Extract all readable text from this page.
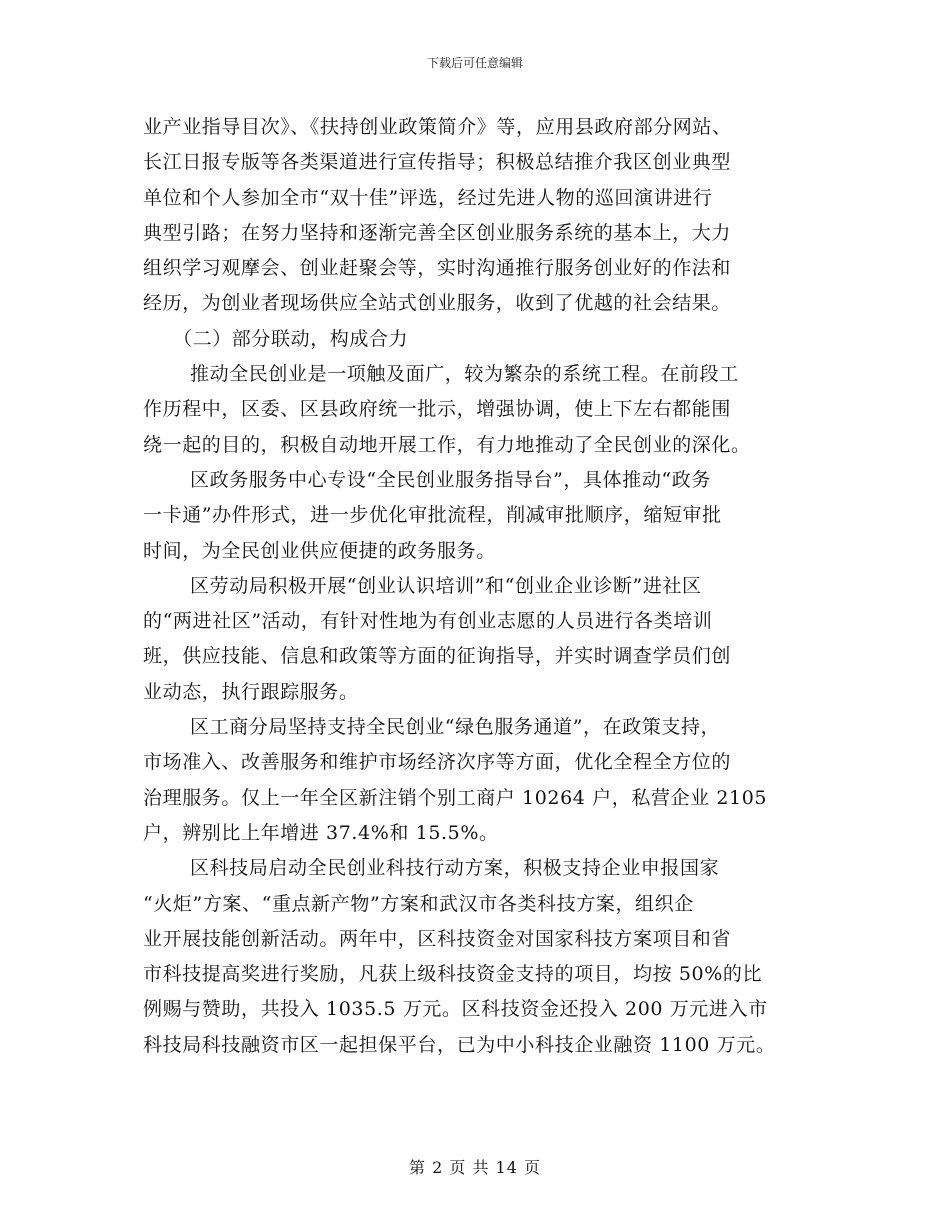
下载后可任意编辑
业产业指导目次》、《扶持创业政策简介》等，应用县政府部分网站、
长江日报专版等各类渠道进行宣传指导；积极总结推介我区创业典型
单位和个人参加全市“双十佳”评选，经过先进人物的巡回演讲进行
典型引路；在努力坚持和逐渐完善全区创业服务系统的基本上，大力
组织学习观摩会、创业赶聚会等，实时沟通推行服务创业好的作法和
经历，为创业者现场供应全站式创业服务，收到了优越的社会结果。
（二）部分联动，构成合力
推动全民创业是一项触及面广，较为繁杂的系统工程。在前段工
作历程中，区委、区县政府统一批示，增强协调，使上下左右都能围
绕一起的目的，积极自动地开展工作，有力地推动了全民创业的深化。
区政务服务中心专设“全民创业服务指导台”，具体推动“政务
一卡通”办件形式，进一步优化审批流程，削减审批顺序，缩短审批
时间，为全民创业供应便捷的政务服务。
区劳动局积极开展“创业认识培训”和“创业企业诊断”进社区
的“两进社区”活动，有针对性地为有创业志愿的人员进行各类培训
班，供应技能、信息和政策等方面的征询指导，并实时调查学员们创
业动态，执行跟踪服务。
区工商分局坚持支持全民创业“绿色服务通道”，在政策支持，
市场准入、改善服务和维护市场经济次序等方面，优化全程全方位的
治理服务。仅上一年全区新注销个别工商户 10264 户，私营企业 2105
户，辨别比上年增进 37.4%和 15.5%。
区科技局启动全民创业科技行动方案，积极支持企业申报国家
“火炬”方案、“重点新产物”方案和武汉市各类科技方案，组织企
业开展技能创新活动。两年中，区科技资金对国家科技方案项目和省
市科技提高奖进行奖励，凡获上级科技资金支持的项目，均按 50%的比
例赐与赞助，共投入 1035.5 万元。区科技资金还投入 200 万元进入市
科技局科技融资市区一起担保平台，已为中小科技企业融资 1100 万元。
第 2 页 共 14 页
